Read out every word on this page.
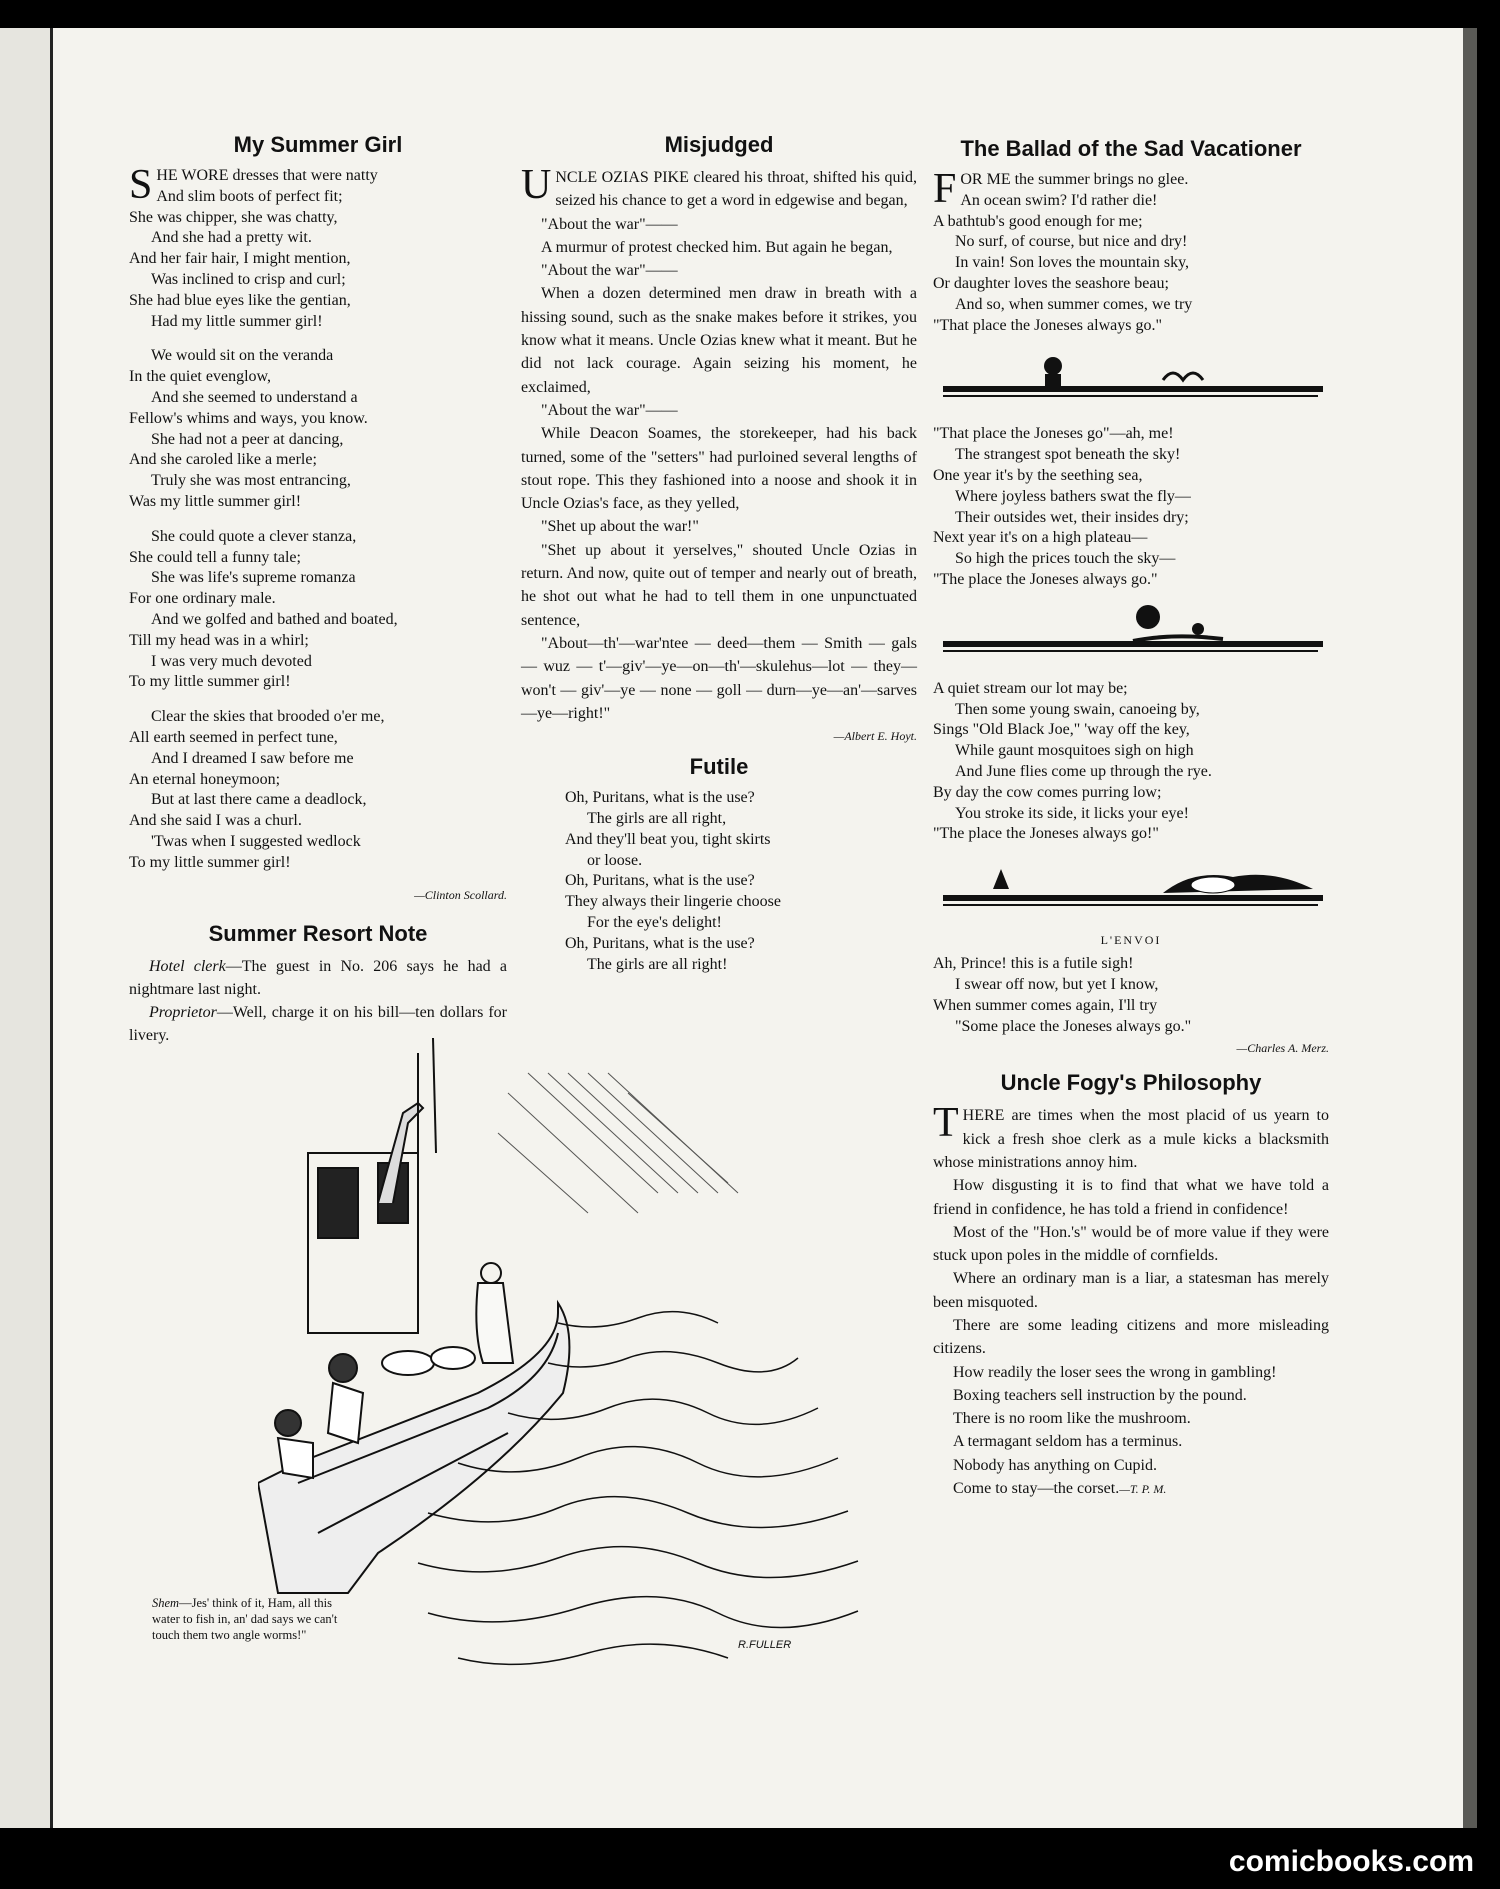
My Summer Girl
SHE WORE dresses that were natty
And slim boots of perfect fit;
She was chipper, she was chatty,
And she had a pretty wit.
And her fair hair, I might mention,
Was inclined to crisp and curl;
She had blue eyes like the gentian,
Had my little summer girl!
We would sit on the veranda
In the quiet evenglow,
And she seemed to understand a
Fellow's whims and ways, you know.
She had not a peer at dancing,
And she caroled like a merle;
Truly she was most entrancing,
Was my little summer girl!
She could quote a clever stanza,
She could tell a funny tale;
She was life's supreme romanza
For one ordinary male.
And we golfed and bathed and boated,
Till my head was in a whirl;
I was very much devoted
To my little summer girl!
Clear the skies that brooded o'er me,
All earth seemed in perfect tune,
And I dreamed I saw before me
An eternal honeymoon;
But at last there came a deadlock,
And she said I was a churl.
'Twas when I suggested wedlock
To my little summer girl!
—Clinton Scollard.
Summer Resort Note

Hotel clerk—The guest in No. 206 says he had a nightmare last night.

Proprietor—Well, charge it on his bill—ten dollars for livery.

Misjudged

UNCLE OZIAS PIKE cleared his throat, shifted his quid, seized his chance to get a word in edgewise and began,

"About the war"——

A murmur of protest checked him. But again he began,

"About the war"——

When a dozen determined men draw in breath with a hissing sound, such as the snake makes before it strikes, you know what it means. Uncle Ozias knew what it meant. But he did not lack courage. Again seizing his moment, he exclaimed,

"About the war"——

While Deacon Soames, the storekeeper, had his back turned, some of the "setters" had purloined several lengths of stout rope. This they fashioned into a noose and shook it in Uncle Ozias's face, as they yelled,

"Shet up about the war!"

"Shet up about it yerselves," shouted Uncle Ozias in return. And now, quite out of temper and nearly out of breath, he shot out what he had to tell them in one unpunctuated sentence,

"About—th'—war'ntee — deed—them — Smith — gals — wuz — t'—giv'—ye—on—th'—skulehus—lot — they—won't — giv'—ye — none — goll — durn—ye—an'—sarves —ye—right!"

—Albert E. Hoyt.
Futile
Oh, Puritans, what is the use?
The girls are all right,
And they'll beat you, tight skirts
or loose.
Oh, Puritans, what is the use?
They always their lingerie choose
For the eye's delight!
Oh, Puritans, what is the use?
The girls are all right!
The Ballad of the Sad Vacationer
FOR ME the summer brings no glee.
An ocean swim? I'd rather die!
A bathtub's good enough for me;
No surf, of course, but nice and dry!
In vain! Son loves the mountain sky,
Or daughter loves the seashore beau;
And so, when summer comes, we try
"That place the Joneses always go."
"That place the Joneses go"—ah, me!
The strangest spot beneath the sky!
One year it's by the seething sea,
Where joyless bathers swat the fly—
Their outsides wet, their insides dry;
Next year it's on a high plateau—
So high the prices touch the sky—
"The place the Joneses always go."
A quiet stream our lot may be;
Then some young swain, canoeing by,
Sings "Old Black Joe," 'way off the key,
While gaunt mosquitoes sigh on high
And June flies come up through the rye.
By day the cow comes purring low;
You stroke its side, it licks your eye!
"The place the Joneses always go!"
L'ENVOI
Ah, Prince! this is a futile sigh!
I swear off now, but yet I know,
When summer comes again, I'll try
"Some place the Joneses always go."
—Charles A. Merz.
Uncle Fogy's Philosophy

THERE are times when the most placid of us yearn to kick a fresh shoe clerk as a mule kicks a blacksmith whose ministrations annoy him.

How disgusting it is to find that what we have told a friend in confidence, he has told a friend in confidence!

Most of the "Hon.'s" would be of more value if they were stuck upon poles in the middle of cornfields.

Where an ordinary man is a liar, a statesman has merely been misquoted.

There are some leading citizens and more misleading citizens.

How readily the loser sees the wrong in gambling!

Boxing teachers sell instruction by the pound.

There is no room like the mushroom.

A termagant seldom has a terminus.

Nobody has anything on Cupid.

Come to stay—the corset.—T. P. M.

R.FULLER
Shem—Jes' think of it, Ham, all this water to fish in, an' dad says we can't touch them two angle worms!"
comicbooks.com
